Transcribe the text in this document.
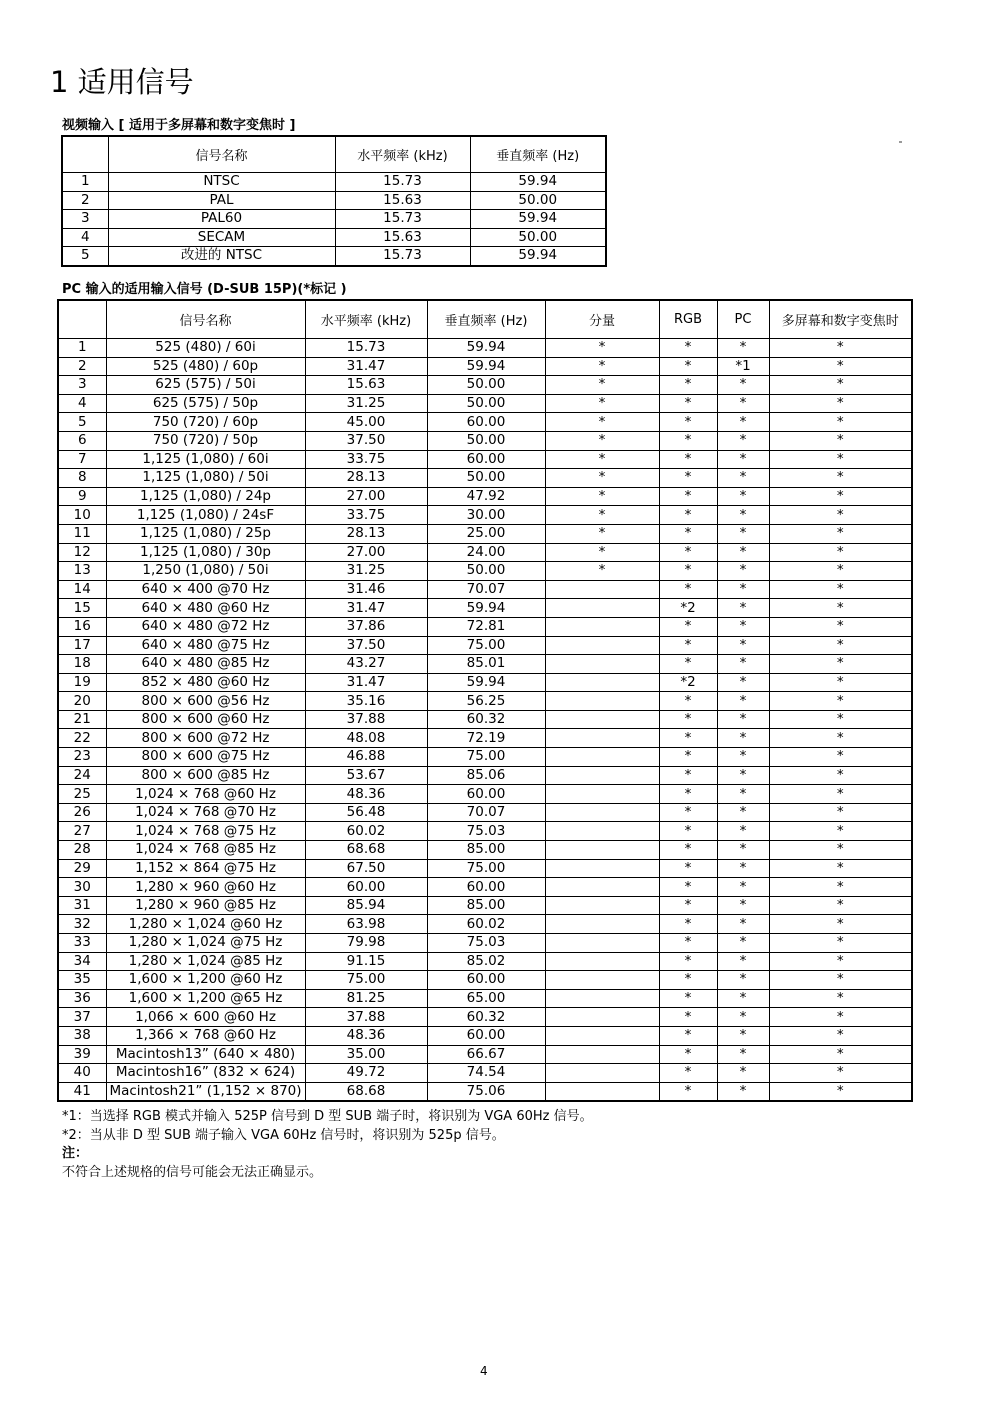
1 适用信号
视频输入 [ 适用于多屏幕和数字变焦时 ]
	信号名称	水平频率 (kHz)	垂直频率 (Hz)
1	NTSC	15.73	59.94
2	PAL	15.63	50.00
3	PAL60	15.73	59.94
4	SECAM	15.63	50.00
5	改进的 NTSC	15.73	59.94
PC 输入的适用输入信号 (D-SUB 15P)(*标记 )
	信号名称	水平频率 (kHz)	垂直频率 (Hz)	分量	RGB	PC	多屏幕和数字变焦时
1	525 (480) / 60i	15.73	59.94	*	*	*	*
2	525 (480) / 60p	31.47	59.94	*	*	*1	*
3	625 (575) / 50i	15.63	50.00	*	*	*	*
4	625 (575) / 50p	31.25	50.00	*	*	*	*
5	750 (720) / 60p	45.00	60.00	*	*	*	*
6	750 (720) / 50p	37.50	50.00	*	*	*	*
7	1,125 (1,080) / 60i	33.75	60.00	*	*	*	*
8	1,125 (1,080) / 50i	28.13	50.00	*	*	*	*
9	1,125 (1,080) / 24p	27.00	47.92	*	*	*	*
10	1,125 (1,080) / 24sF	33.75	30.00	*	*	*	*
11	1,125 (1,080) / 25p	28.13	25.00	*	*	*	*
12	1,125 (1,080) / 30p	27.00	24.00	*	*	*	*
13	1,250 (1,080) / 50i	31.25	50.00	*	*	*	*
14	640 × 400 @70 Hz	31.46	70.07		*	*	*
15	640 × 480 @60 Hz	31.47	59.94		*2	*	*
16	640 × 480 @72 Hz	37.86	72.81		*	*	*
17	640 × 480 @75 Hz	37.50	75.00		*	*	*
18	640 × 480 @85 Hz	43.27	85.01		*	*	*
19	852 × 480 @60 Hz	31.47	59.94		*2	*	*
20	800 × 600 @56 Hz	35.16	56.25		*	*	*
21	800 × 600 @60 Hz	37.88	60.32		*	*	*
22	800 × 600 @72 Hz	48.08	72.19		*	*	*
23	800 × 600 @75 Hz	46.88	75.00		*	*	*
24	800 × 600 @85 Hz	53.67	85.06		*	*	*
25	1,024 × 768 @60 Hz	48.36	60.00		*	*	*
26	1,024 × 768 @70 Hz	56.48	70.07		*	*	*
27	1,024 × 768 @75 Hz	60.02	75.03		*	*	*
28	1,024 × 768 @85 Hz	68.68	85.00		*	*	*
29	1,152 × 864 @75 Hz	67.50	75.00		*	*	*
30	1,280 × 960 @60 Hz	60.00	60.00		*	*	*
31	1,280 × 960 @85 Hz	85.94	85.00		*	*	*
32	1,280 × 1,024 @60 Hz	63.98	60.02		*	*	*
33	1,280 × 1,024 @75 Hz	79.98	75.03		*	*	*
34	1,280 × 1,024 @85 Hz	91.15	85.02		*	*	*
35	1,600 × 1,200 @60 Hz	75.00	60.00		*	*	*
36	1,600 × 1,200 @65 Hz	81.25	65.00		*	*	*
37	1,066 × 600 @60 Hz	37.88	60.32		*	*	*
38	1,366 × 768 @60 Hz	48.36	60.00		*	*	*
39	Macintosh13” (640 × 480)	35.00	66.67		*	*	*
40	Macintosh16” (832 × 624)	49.72	74.54		*	*	*
41	Macintosh21” (1,152 × 870)	68.68	75.06		*	*	*
*1：当选择 RGB 模式并输入 525P 信号到 D 型 SUB 端子时，将识别为 VGA 60Hz 信号。
*2：当从非 D 型 SUB 端子输入 VGA 60Hz 信号时，将识别为 525p 信号。
注：
不符合上述规格的信号可能会无法正确显示。
4
